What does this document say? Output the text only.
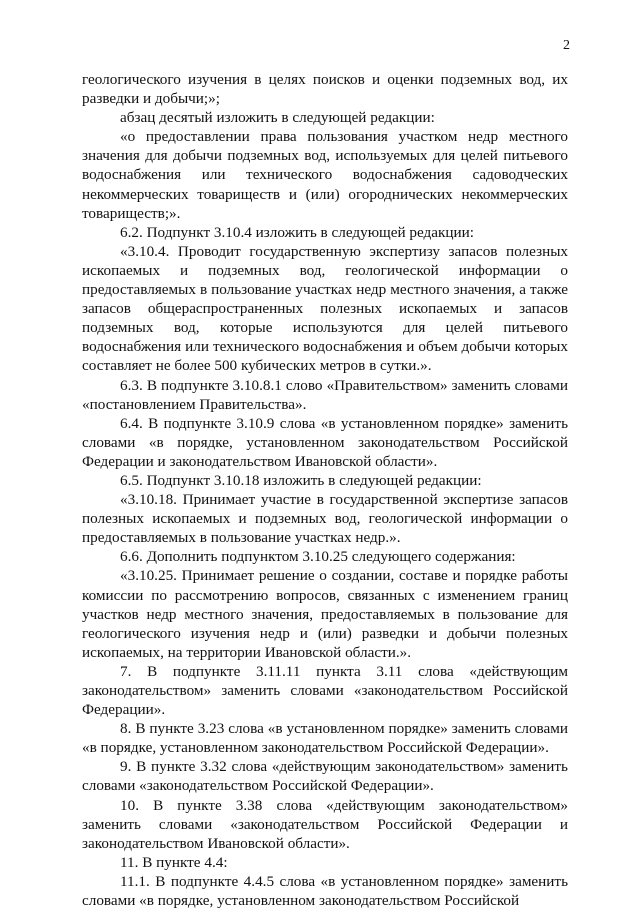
2

геологического изучения в целях поисков и оценки подземных вод, их разведки и добычи;»;

абзац десятый изложить в следующей редакции:

«о предоставлении права пользования участком недр местного значения для добычи подземных вод, используемых для целей питьевого водоснабжения или технического водоснабжения садоводческих некоммерческих товариществ и (или) огороднических некоммерческих товариществ;».

6.2. Подпункт 3.10.4 изложить в следующей редакции:

«3.10.4. Проводит государственную экспертизу запасов полезных ископаемых и подземных вод, геологической информации о предоставляемых в пользование участках недр местного значения, а также запасов общераспространенных полезных ископаемых и запасов подземных вод, которые используются для целей питьевого водоснабжения или технического водоснабжения и объем добычи которых составляет не более 500 кубических метров в сутки.».

6.3. В подпункте 3.10.8.1 слово «Правительством» заменить словами «постановлением Правительства».

6.4. В подпункте 3.10.9 слова «в установленном порядке» заменить словами «в порядке, установленном законодательством Российской Федерации и законодательством Ивановской области».

6.5. Подпункт 3.10.18 изложить в следующей редакции:

«3.10.18. Принимает участие в государственной экспертизе запасов полезных ископаемых и подземных вод, геологической информации о предоставляемых в пользование участках недр.».

6.6. Дополнить подпунктом 3.10.25 следующего содержания:

«3.10.25. Принимает решение о создании, составе и порядке работы комиссии по рассмотрению вопросов, связанных с изменением границ участков недр местного значения, предоставляемых в пользование для геологического изучения недр и (или) разведки и добычи полезных ископаемых, на территории Ивановской области.».

7. В подпункте 3.11.11 пункта 3.11 слова «действующим законодательством» заменить словами «законодательством Российской Федерации».

8. В пункте 3.23 слова «в установленном порядке» заменить словами «в порядке, установленном законодательством Российской Федерации».

9. В пункте 3.32 слова «действующим законодательством» заменить словами «законодательством Российской Федерации».

10. В пункте 3.38 слова «действующим законодательством» заменить словами «законодательством Российской Федерации и законодательством Ивановской области».

11. В пункте 4.4:

11.1. В подпункте 4.4.5 слова «в установленном порядке» заменить словами «в порядке, установленном законодательством Российской
